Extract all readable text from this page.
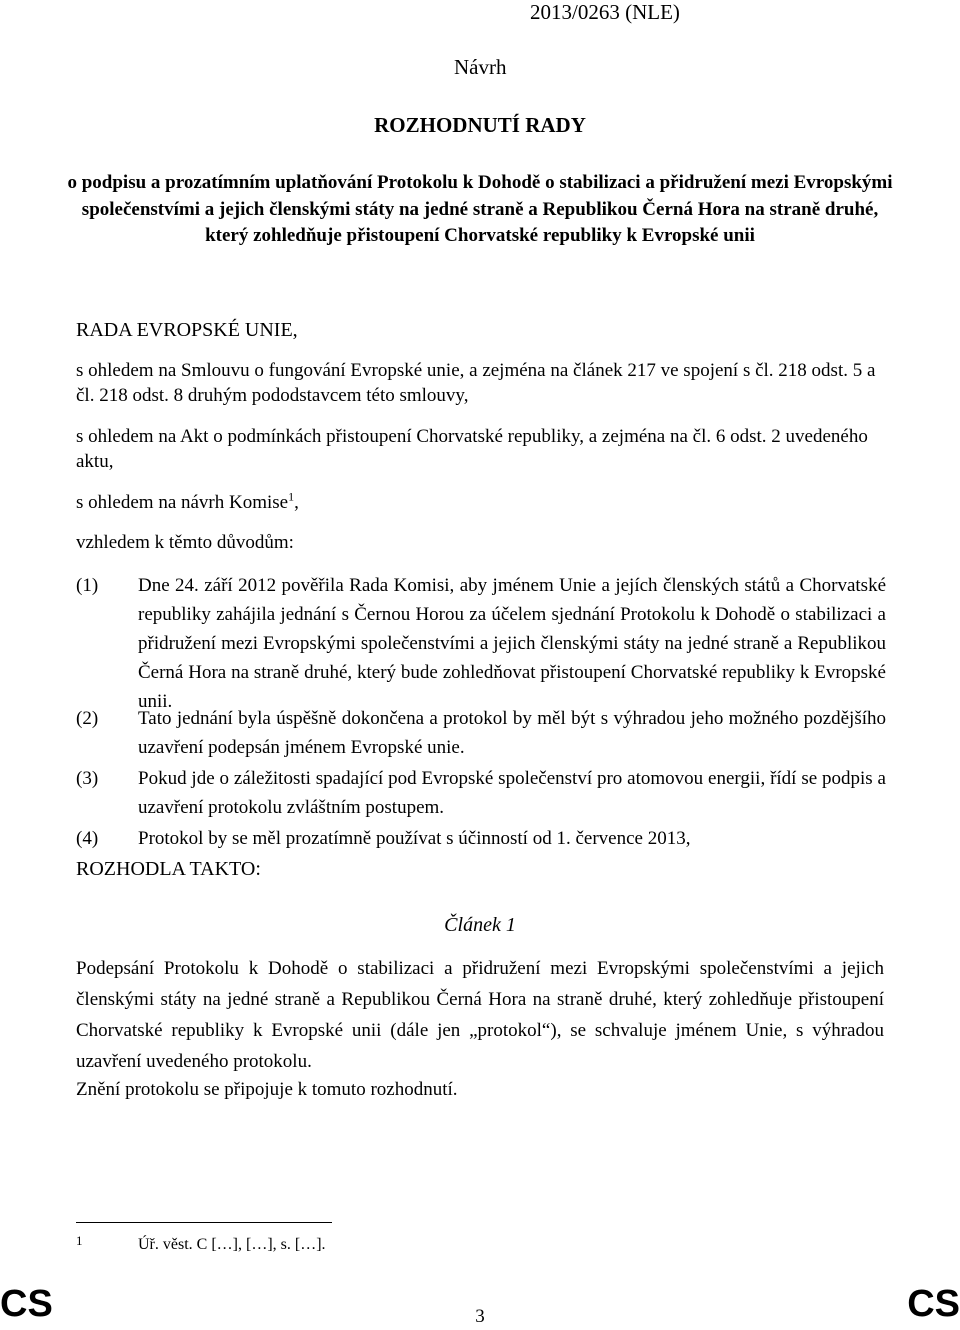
2013/0263 (NLE)

Návrh

ROZHODNUTÍ RADY

o podpisu a prozatímním uplatňování Protokolu k Dohodě o stabilizaci a přidružení mezi Evropskými společenstvími a jejich členskými státy na jedné straně a Republikou Černá Hora na straně druhé, který zohledňuje přistoupení Chorvatské republiky k Evropské unii

RADA EVROPSKÉ UNIE,

s ohledem na Smlouvu o fungování Evropské unie, a zejména na článek 217 ve spojení s čl. 218 odst. 5 a čl. 218 odst. 8 druhým pododstavcem této smlouvy,

s ohledem na Akt o podmínkách přistoupení Chorvatské republiky, a zejména na čl. 6 odst. 2 uvedeného aktu,

s ohledem na návrh Komise$^1$,

vzhledem k těmto důvodům:

(1) Dne 24. září 2012 pověřila Rada Komisi, aby jménem Unie a jejích členských států a Chorvatské republiky zahájila jednání s Černou Horou za účelem sjednání Protokolu k Dohodě o stabilizaci a přidružení mezi Evropskými společenstvími a jejich členskými státy na jedné straně a Republikou Černá Hora na straně druhé, který bude zohledňovat přistoupení Chorvatské republiky k Evropské unii.
(2) Tato jednání byla úspěšně dokončena a protokol by měl být s výhradou jeho možného pozdějšího uzavření podepsán jménem Evropské unie.
(3) Pokud jde o záležitosti spadající pod Evropské společenství pro atomovou energii, řídí se podpis a uzavření protokolu zvláštním postupem.
(4) Protokol by se měl prozatímně používat s účinností od 1. července 2013,

ROZHODLA TAKTO:

Článek 1

Podepsání Protokolu k Dohodě o stabilizaci a přidružení mezi Evropskými společenstvími a jejich členskými státy na jedné straně a Republikou Černá Hora na straně druhé, který zohledňuje přistoupení Chorvatské republiky k Evropské unii (dále jen „protokol“), se schvaluje jménem Unie, s výhradou uzavření uvedeného protokolu.

Znění protokolu se připojuje k tomuto rozhodnutí.

1	Úř. věst. C […], […], s. […].
CS	3	CS
